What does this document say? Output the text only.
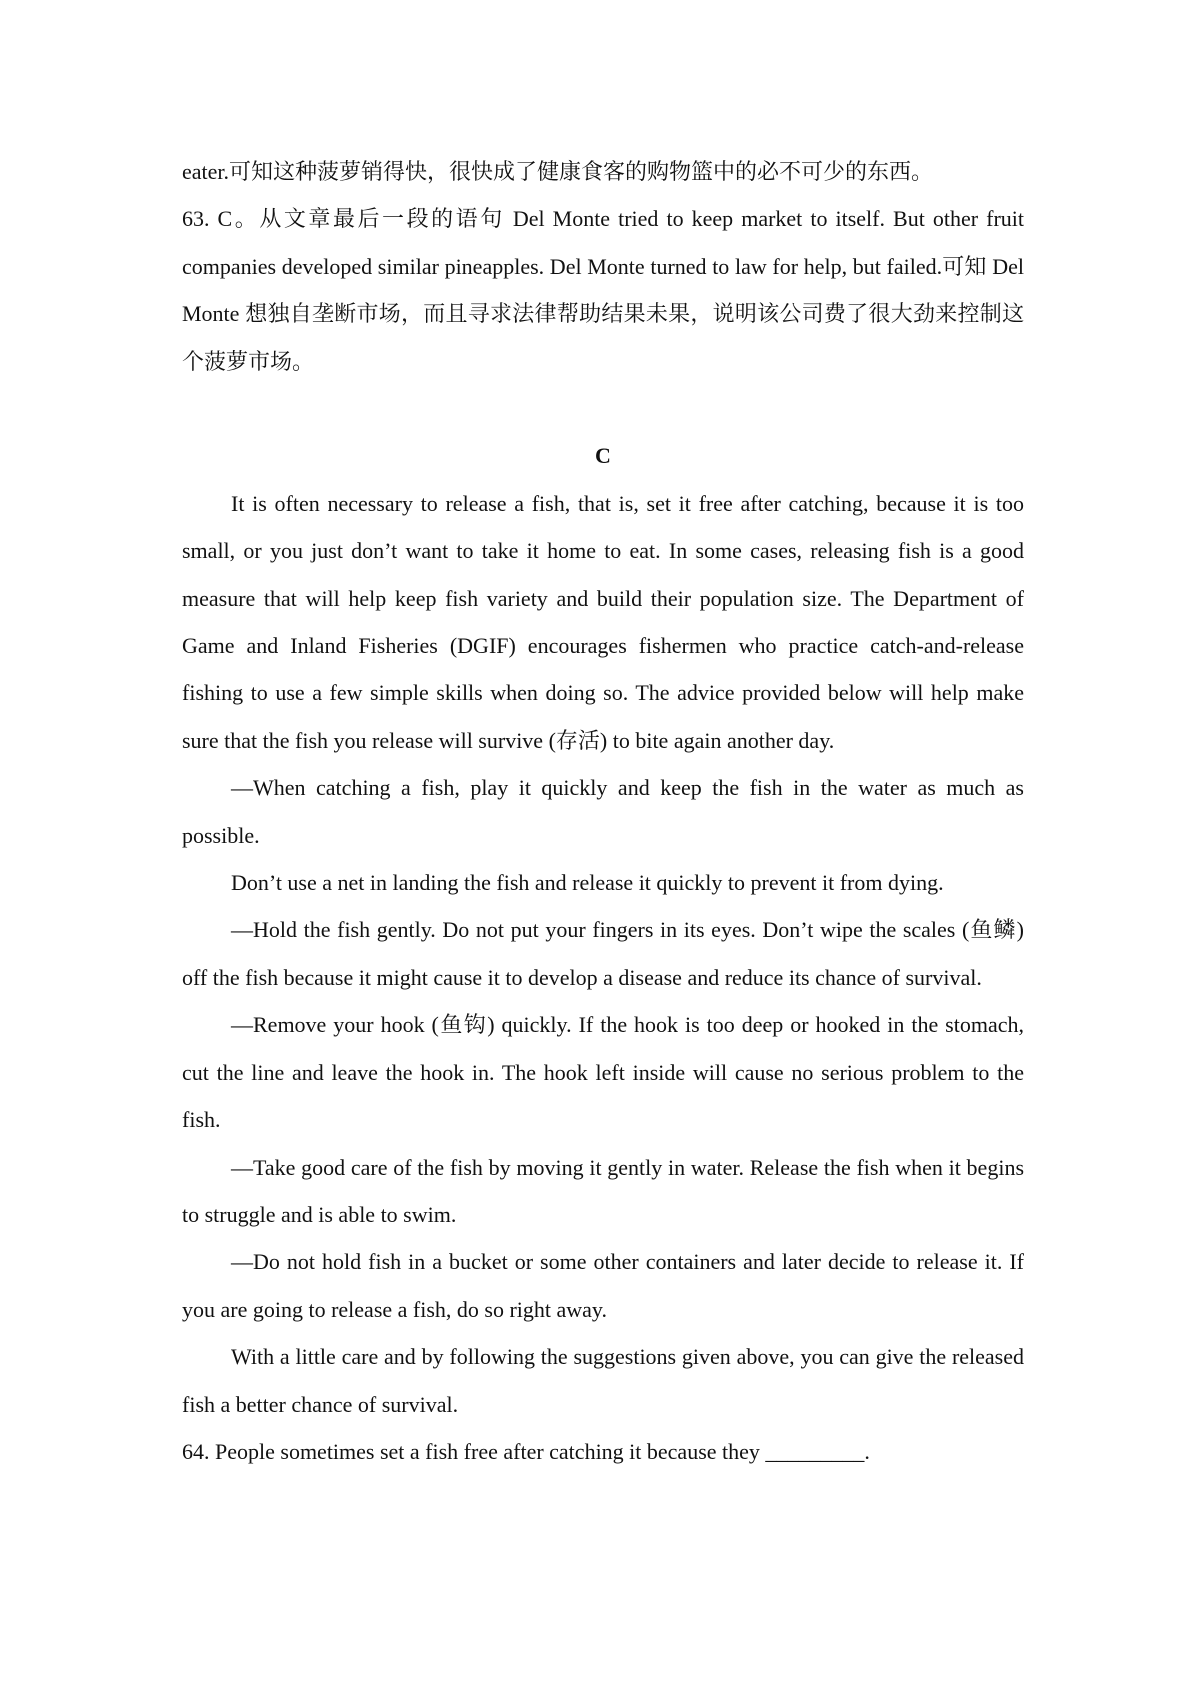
eater.可知这种菠萝销得快，很快成了健康食客的购物篮中的必不可少的东西。

63. C。从文章最后一段的语句 Del Monte tried to keep market to itself. But other fruit companies developed similar pineapples. Del Monte turned to law for help, but failed.可知 Del Monte 想独自垄断市场，而且寻求法律帮助结果未果，说明该公司费了很大劲来控制这个菠萝市场。

C

It is often necessary to release a fish, that is, set it free after catching, because it is too small, or you just don’t want to take it home to eat. In some cases, releasing fish is a good measure that will help keep fish variety and build their population size. The Department of Game and Inland Fisheries (DGIF) encourages fishermen who practice catch-and-release fishing to use a few simple skills when doing so. The advice provided below will help make sure that the fish you release will survive (存活) to bite again another day.

—When catching a fish, play it quickly and keep the fish in the water as much as possible.

Don’t use a net in landing the fish and release it quickly to prevent it from dying.

—Hold the fish gently. Do not put your fingers in its eyes. Don’t wipe the scales (鱼鳞) off the fish because it might cause it to develop a disease and reduce its chance of survival.

—Remove your hook (鱼钩) quickly. If the hook is too deep or hooked in the stomach, cut the line and leave the hook in. The hook left inside will cause no serious problem to the fish.

—Take good care of the fish by moving it gently in water. Release the fish when it begins to struggle and is able to swim.

—Do not hold fish in a bucket or some other containers and later decide to release it. If you are going to release a fish, do so right away.

With a little care and by following the suggestions given above, you can give the released fish a better chance of survival.

64. People sometimes set a fish free after catching it because they _________.
